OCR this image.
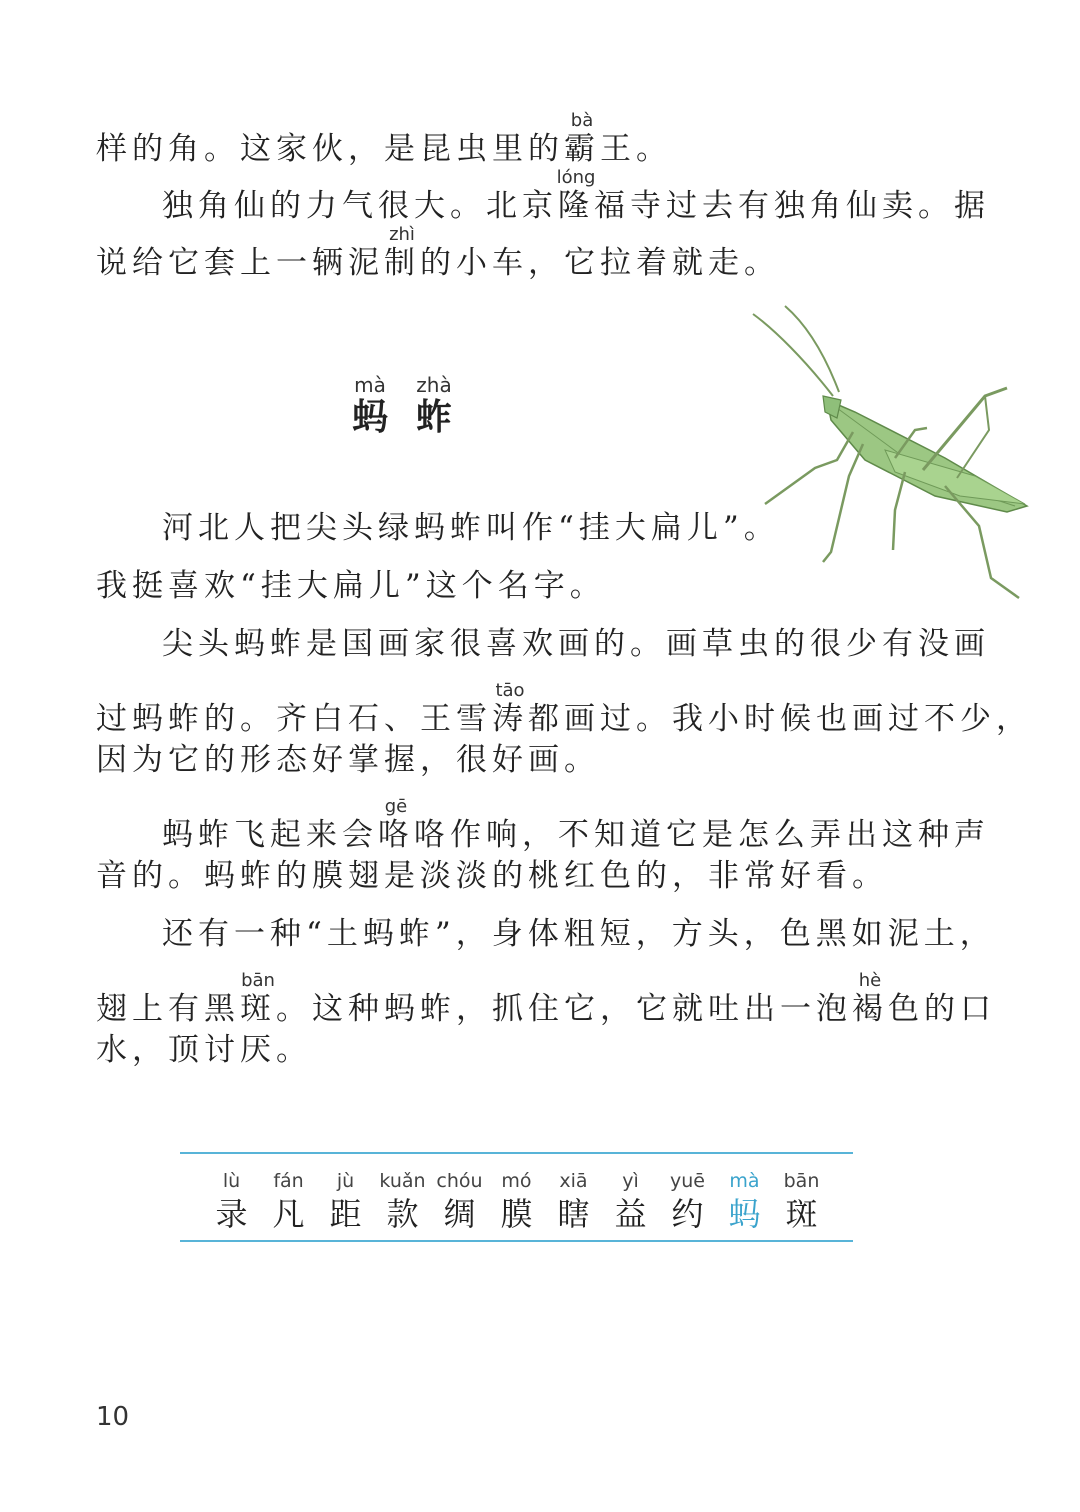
样的角。这家伙，是昆虫里的霸bà王。
独角仙的力气很大。北京隆lóng福寺过去有独角仙卖。据
说给它套上一辆泥制zhì的小车，它拉着就走。
蚂mà蚱zhà
河北人把尖头绿蚂蚱叫作“挂大扁儿”。
我挺喜欢“挂大扁儿”这个名字。
尖头蚂蚱是国画家很喜欢画的。画草虫的很少有没画
过蚂蚱的。齐白石、王雪涛tāo都画过。我小时候也画过不少，
因为它的形态好掌握，很好画。
蚂蚱飞起来会咯gē咯作响，不知道它是怎么弄出这种声
音的。蚂蚱的膜翅是淡淡的桃红色的，非常好看。
还有一种“土蚂蚱”，身体粗短，方头，色黑如泥土，
翅上有黑斑bān。这种蚂蚱，抓住它，它就吐出一泡褐hè色的口
水，顶讨厌。
lù
录
fán
凡
jù
距
kuǎn
款
chóu
绸
mó
膜
xiā
瞎
yì
益
yuē
约
mà
蚂
bān
斑
10
